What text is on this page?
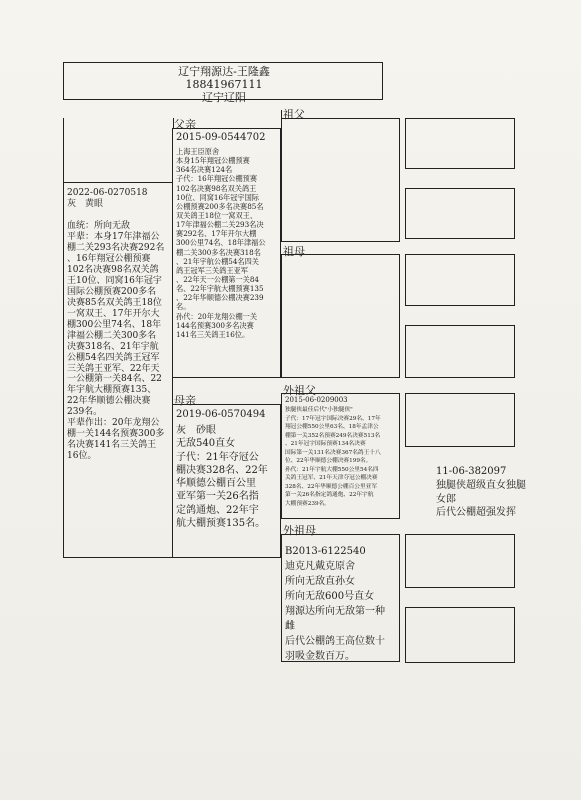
辽宁翔源达-王隆鑫
18841967111
辽宁辽阳
2022-06-0270518
灰　黄眼

血统：所向无敌
平辈：本身17年津福公
棚二关293名决赛292名
、16年翔冠公棚预赛
102名决赛98名双关鸽
王10位、同窝16年冠宇
国际公棚预赛200多名
决赛85名双关鸽王18位
一窝双王、17年开尔大
棚300公里74名、18年
津福公棚二关300多名
决赛318名、21年宇航
公棚54名四关鸽王冠军
三关鸽王亚军、22年天
一公棚第一关84名、22
年宇航大棚预赛135、
22年华顺德公棚决赛
239名。
平辈作出：20年龙翔公
棚一关144名预赛300多
名决赛141名三关鸽王
16位。
父亲
2015-09-0544702
上海王臣原舍
本身15年翔冠公棚预赛
364名决赛124名
子代：16年翔冠公棚预赛
102名决赛98名双关鸽王
10位、同窝16年冠宇国际
公棚预赛200多名决赛85名
双关鸽王18位一窝双王、
17年津福公棚二关293名决
赛292名、17年开尔大棚
300公里74名、18年津福公
棚二关300多名决赛318名
、21年宇航公棚54名四关
鸽王冠军三关鸽王亚军
、22年天一公棚第一关84
名、22年宇航大棚预赛135
、22年华顺德公棚决赛239
名。
孙代：20年龙翔公棚一关
144名预赛300多名决赛
141名三关鸽王16位。
母亲
2019-06-0570494
灰　砂眼
无敌540直女
子代：21年夺冠公
棚决赛328名、22年
华顺德公棚百公里
亚军第一关26名指
定鸽通炮、22年宇
航大棚预赛135名。
祖父
祖母
外祖父
2015-06-0209003
独腿侠最佳后代"小独腿侠"
子代：17年冠宇国际决赛29名、17年
翔冠公棚550公里63名、18年孟津公
棚第一关352名预赛249名决赛513名
、21年冠宇国际预赛134名决赛
国际第一关131名决赛367名鸽王十八
位、22年华顺德公棚决赛199名。
孙代：21年宇航大棚550公里54名四
关鸽王冠军、21年天津夺冠公棚决赛
328名、22年华顺德公棚百公里亚军
第一关26名指定鸽通炮、22年宇航
大棚预赛239名。
外祖母
B2013-6122540
迪克凡戴克原舍
所向无敌直孙女
所向无敌600号直女
翔源达所向无敌第一种
雌
后代公棚鸽王高位数十
羽吸金数百万。
11-06-382097
独腿侠超级直女独腿
女郎
后代公棚超强发挥
